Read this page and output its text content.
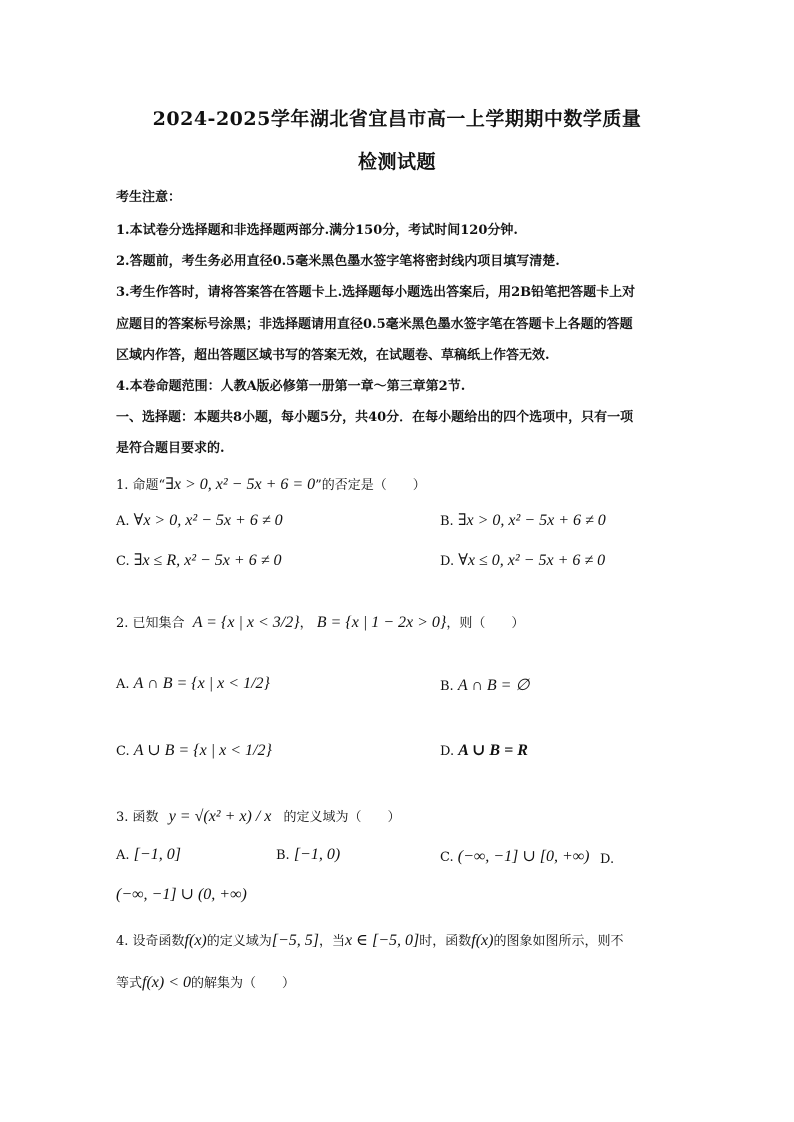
2024-2025学年湖北省宜昌市高一上学期期中数学质量
检测试题
考生注意：
1.本试卷分选择题和非选择题两部分.满分150分，考试时间120分钟.
2.答题前，考生务必用直径0.5毫米黑色墨水签字笔将密封线内项目填写清楚.
3.考生作答时，请将答案答在答题卡上.选择题每小题选出答案后，用2B铅笔把答题卡上对
应题目的答案标号涂黑；非选择题请用直径0.5毫米黑色墨水签字笔在答题卡上各题的答题
区域内作答，超出答题区域书写的答案无效，在试题卷、草稿纸上作答无效.
4.本卷命题范围：人教A版必修第一册第一章～第三章第2节.
一、选择题：本题共8小题，每小题5分，共40分．在每小题给出的四个选项中，只有一项
是符合题目要求的.
1. 命题“∃x > 0, x² − 5x + 6 = 0”的否定是（　　）
A. ∀x > 0, x² − 5x + 6 ≠ 0	B. ∃x > 0, x² − 5x + 6 ≠ 0
C. ∃x ≤ R, x² − 5x + 6 ≠ 0	D. ∀x ≤ 0, x² − 5x + 6 ≠ 0
2. 已知集合 A = {x | x < 3/2}， B = {x | 1 − 2x > 0}，则（　　）
A. A ∩ B = {x | x < 1/2}	B. A ∩ B = ∅
C. A ∪ B = {x | x < 1/2}	D. A ∪ B = R
3. 函数 y = √(x² + x) / x 的定义域为（　　）
A. [−1, 0]	B. [−1, 0)	C. (−∞, −1] ∪ [0, +∞) D.
(−∞, −1] ∪ (0, +∞)
4. 设奇函数f(x)的定义域为[−5, 5]，当x ∈ [−5, 0]时，函数f(x)的图象如图所示，则不
等式f(x) < 0的解集为（　　）
